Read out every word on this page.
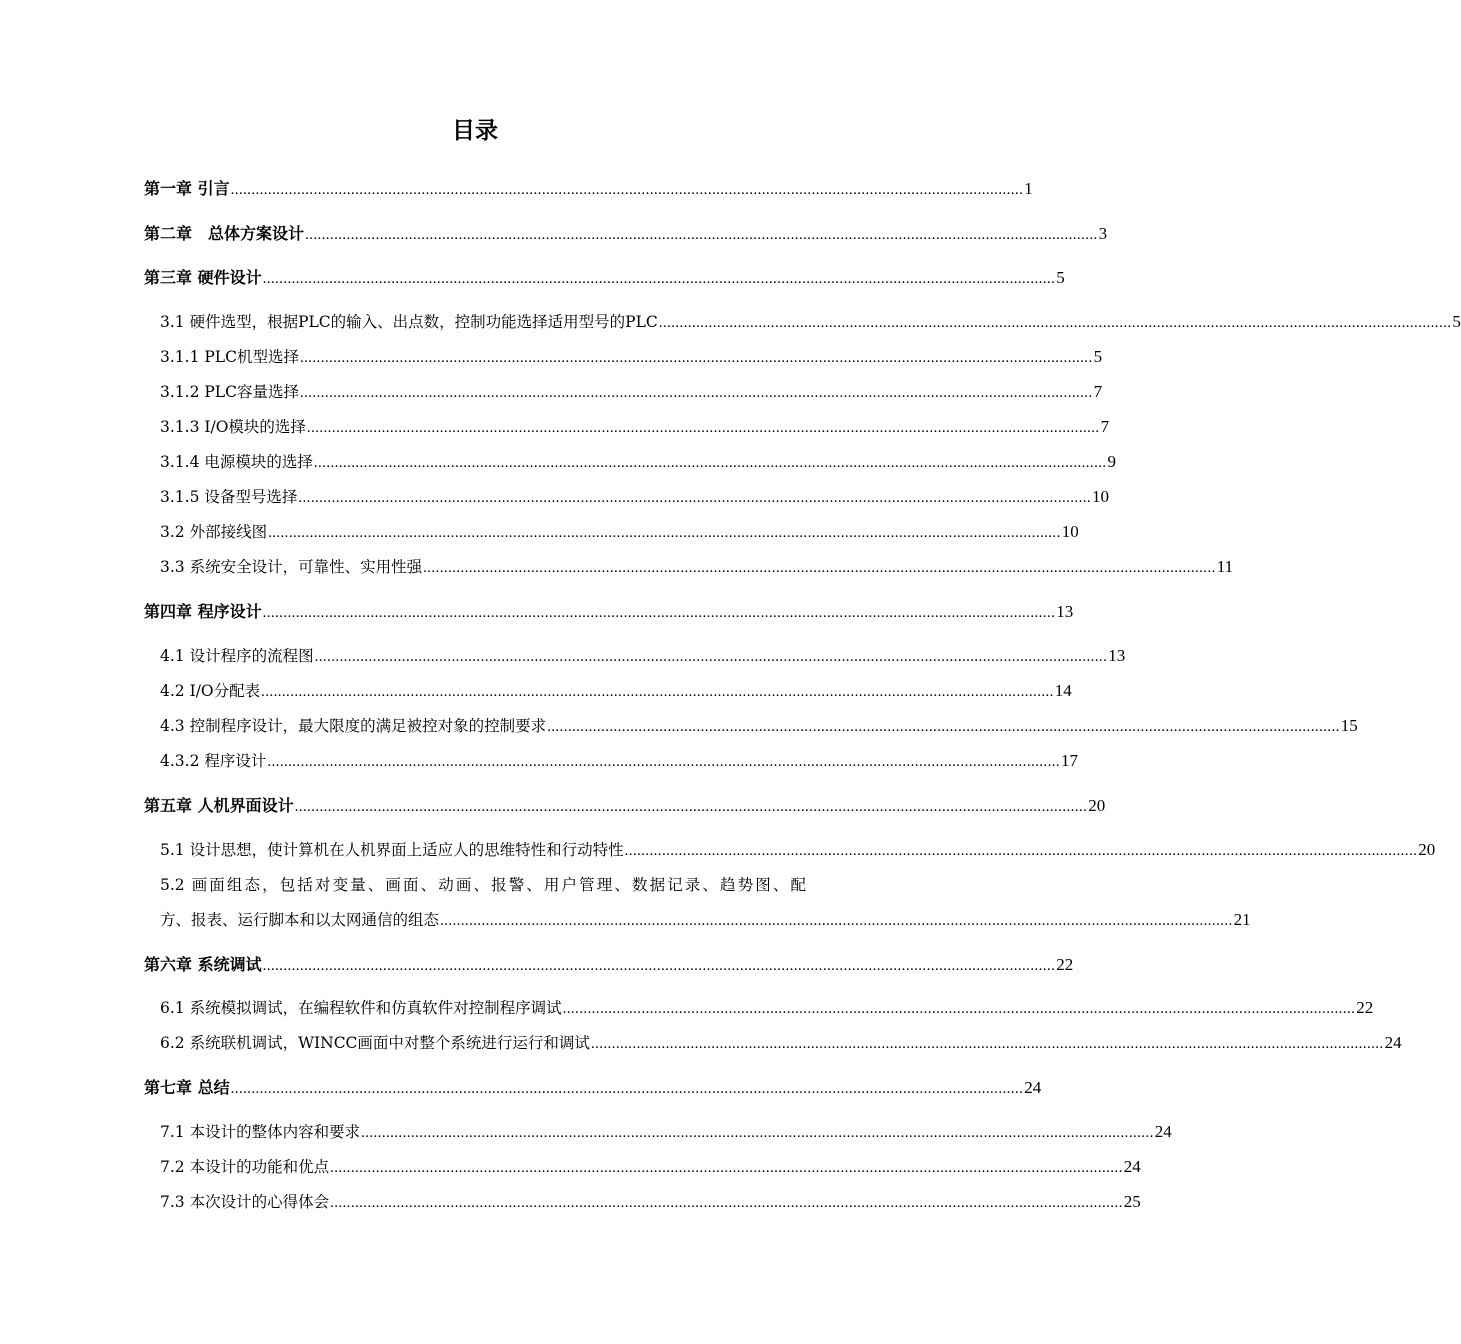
目录
第一章 引言 ............................................................................................................................................................................................... 1
第二章　总体方案设计 ............................................................................................................................................................................................... 3
第三章 硬件设计 ............................................................................................................................................................................................... 5
3.1 硬件选型，根据PLC的输入、出点数，控制功能选择适用型号的PLC ............................................................................................................................................................................................... 5
3.1.1 PLC机型选择 ............................................................................................................................................................................................... 5
3.1.2 PLC容量选择 ............................................................................................................................................................................................... 7
3.1.3 I/O模块的选择 ............................................................................................................................................................................................... 7
3.1.4 电源模块的选择 ............................................................................................................................................................................................... 9
3.1.5 设备型号选择 ............................................................................................................................................................................................... 10
3.2 外部接线图 ............................................................................................................................................................................................... 10
3.3 系统安全设计，可靠性、实用性强 ............................................................................................................................................................................................... 11
第四章 程序设计 ............................................................................................................................................................................................... 13
4.1 设计程序的流程图 ............................................................................................................................................................................................... 13
4.2 I/O分配表 ............................................................................................................................................................................................... 14
4.3 控制程序设计，最大限度的满足被控对象的控制要求 ............................................................................................................................................................................................... 15
4.3.2 程序设计 ............................................................................................................................................................................................... 17
第五章 人机界面设计 ............................................................................................................................................................................................... 20
5.1 设计思想，使计算机在人机界面上适应人的思维特性和行动特性 ............................................................................................................................................................................................... 20
5.2 画面组态，包括对变量、画面、动画、报警、用户管理、数据记录、趋势图、配
方、报表、运行脚本和以太网通信的组态 ............................................................................................................................................................................................... 21
第六章 系统调试 ............................................................................................................................................................................................... 22
6.1 系统模拟调试，在编程软件和仿真软件对控制程序调试 ............................................................................................................................................................................................... 22
6.2 系统联机调试，WINCC画面中对整个系统进行运行和调试 ............................................................................................................................................................................................... 24
第七章 总结 ............................................................................................................................................................................................... 24
7.1 本设计的整体内容和要求 ............................................................................................................................................................................................... 24
7.2 本设计的功能和优点 ............................................................................................................................................................................................... 24
7.3 本次设计的心得体会 ............................................................................................................................................................................................... 25
